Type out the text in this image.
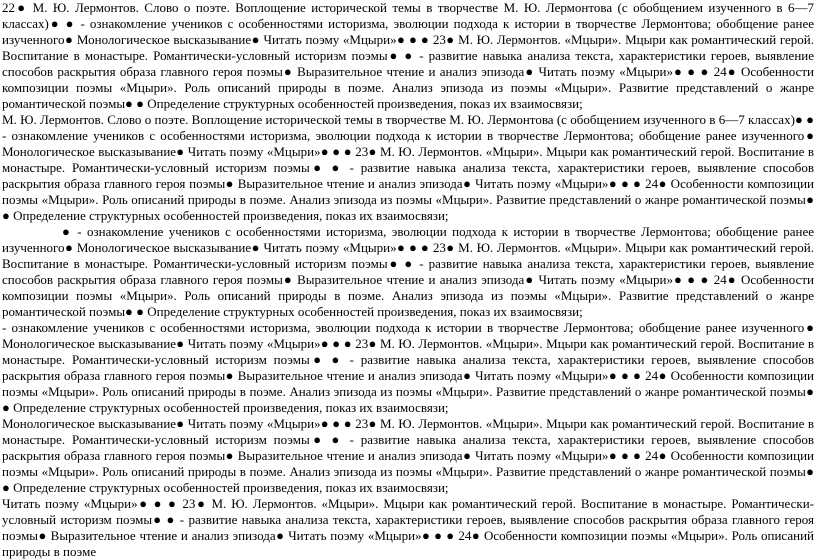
22● М. Ю. Лермонтов. Слово о поэте. Воплощение исторической темы в творчестве М. Ю. Лермонтова (с обобщением изученного в 6—7 классах)● ● - ознакомление учеников с особенностями историзма, эволюции подхода к истории в творчестве Лермонтова; обобщение ранее изученного● Монологическое высказывание● Читать поэму «Мцыри»● ● ● 23● М. Ю. Лермонтов. «Мцыри». Мцыри как романтический герой. Воспитание в монастыре. Романтически-условный историзм поэмы● ● - развитие навыка анализа текста, характеристики героев, выявление способов раскрытия образа главного героя поэмы● Выразительное чтение и анализ эпизода● Читать поэму «Мцыри»● ● ● 24● Особенности композиции поэмы «Мцыри». Роль описаний природы в поэме. Анализ эпизода из поэмы «Мцыри». Развитие представлений о жанре романтической поэмы● ● Определение структурных особенностей произведения, показ их взаимосвязи;

М. Ю. Лермонтов. Слово о поэте. Воплощение исторической темы в творчестве М. Ю. Лермонтова (с обобщением изученного в 6—7 классах)● ● - ознакомление учеников с особенностями историзма, эволюции подхода к истории в творчестве Лермонтова; обобщение ранее изученного● Монологическое высказывание● Читать поэму «Мцыри»● ● ● 23● М. Ю. Лермонтов. «Мцыри». Мцыри как романтический герой. Воспитание в монастыре. Романтически-условный историзм поэмы● ● - развитие навыка анализа текста, характеристики героев, выявление способов раскрытия образа главного героя поэмы● Выразительное чтение и анализ эпизода● Читать поэму «Мцыри»● ● ● 24● Особенности композиции поэмы «Мцыри». Роль описаний природы в поэме. Анализ эпизода из поэмы «Мцыри». Развитие представлений о жанре романтической поэмы● ● Определение структурных особенностей произведения, показ их взаимосвязи;

● - ознакомление учеников с особенностями историзма, эволюции подхода к истории в творчестве Лермонтова; обобщение ранее изученного● Монологическое высказывание● Читать поэму «Мцыри»● ● ● 23● М. Ю. Лермонтов. «Мцыри». Мцыри как романтический герой. Воспитание в монастыре. Романтически-условный историзм поэмы● ● - развитие навыка анализа текста, характеристики героев, выявление способов раскрытия образа главного героя поэмы● Выразительное чтение и анализ эпизода● Читать поэму «Мцыри»● ● ● 24● Особенности композиции поэмы «Мцыри». Роль описаний природы в поэме. Анализ эпизода из поэмы «Мцыри». Развитие представлений о жанре романтической поэмы● ● Определение структурных особенностей произведения, показ их взаимосвязи;

- ознакомление учеников с особенностями историзма, эволюции подхода к истории в творчестве Лермонтова; обобщение ранее изученного● Монологическое высказывание● Читать поэму «Мцыри»● ● ● 23● М. Ю. Лермонтов. «Мцыри». Мцыри как романтический герой. Воспитание в монастыре. Романтически-условный историзм поэмы● ● - развитие навыка анализа текста, характеристики героев, выявление способов раскрытия образа главного героя поэмы● Выразительное чтение и анализ эпизода● Читать поэму «Мцыри»● ● ● 24● Особенности композиции поэмы «Мцыри». Роль описаний природы в поэме. Анализ эпизода из поэмы «Мцыри». Развитие представлений о жанре романтической поэмы● ● Определение структурных особенностей произведения, показ их взаимосвязи;

Монологическое высказывание● Читать поэму «Мцыри»● ● ● 23● М. Ю. Лермонтов. «Мцыри». Мцыри как романтический герой. Воспитание в монастыре. Романтически-условный историзм поэмы● ● - развитие навыка анализа текста, характеристики героев, выявление способов раскрытия образа главного героя поэмы● Выразительное чтение и анализ эпизода● Читать поэму «Мцыри»● ● ● 24● Особенности композиции поэмы «Мцыри». Роль описаний природы в поэме. Анализ эпизода из поэмы «Мцыри». Развитие представлений о жанре романтической поэмы● ● Определение структурных особенностей произведения, показ их взаимосвязи;

Читать поэму «Мцыри»● ● ● 23● М. Ю. Лермонтов. «Мцыри». Мцыри как романтический герой. Воспитание в монастыре. Романтически-условный историзм поэмы● ● - развитие навыка анализа текста, характеристики героев, выявление способов раскрытия образа главного героя поэмы● Выразительное чтение и анализ эпизода● Читать поэму «Мцыри»● ● ● 24● Особенности композиции поэмы «Мцыри». Роль описаний природы в поэме
